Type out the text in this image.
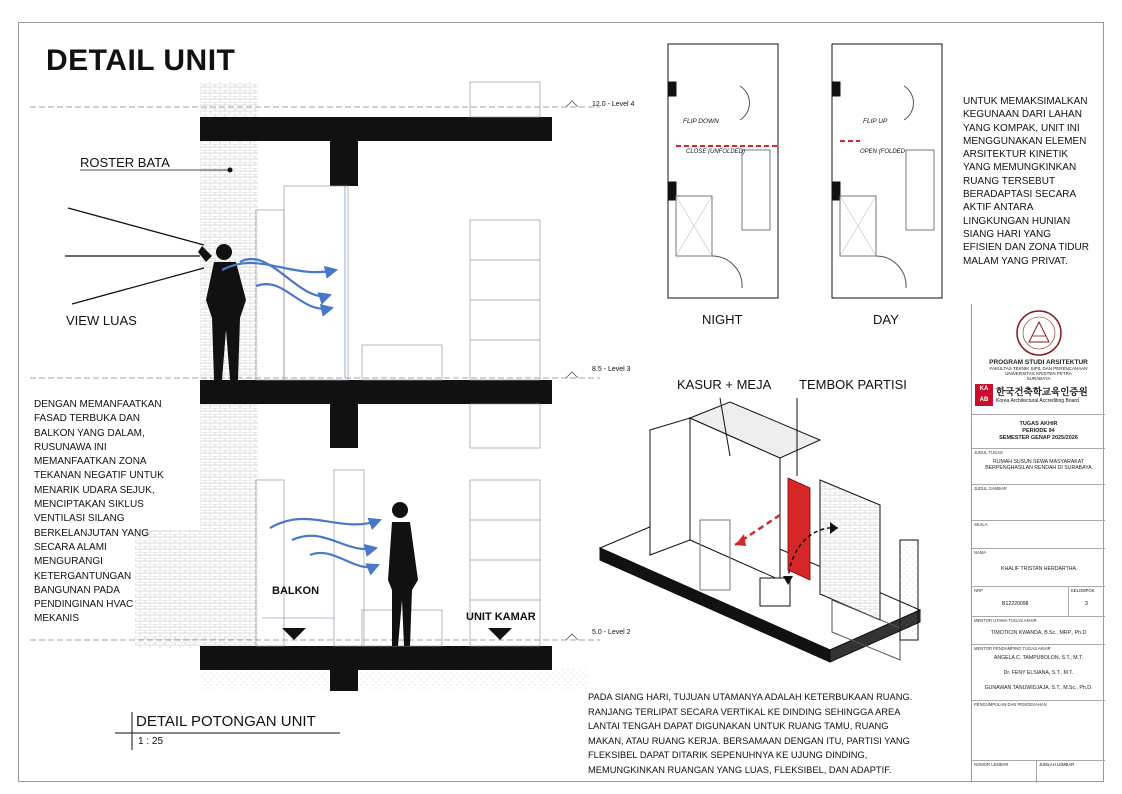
DETAIL UNIT
ROSTER BATA
VIEW LUAS
12.0 - Level 4
8.5 - Level 3
5.0 - Level 2
BALKON
UNIT KAMAR
DENGAN MEMANFAATKAN
FASAD TERBUKA DAN
BALKON YANG DALAM,
RUSUNAWA INI
MEMANFAATKAN ZONA
TEKANAN NEGATIF UNTUK
MENARIK UDARA SEJUK,
MENCIPTAKAN SIKLUS
VENTILASI SILANG
BERKELANJUTAN YANG
SECARA ALAMI
MENGURANGI
KETERGANTUNGAN
BANGUNAN PADA
PENDINGINAN HVAC
MEKANIS
DETAIL POTONGAN UNIT
1 : 25
NIGHT	DAY
FLIP DOWN	FLIP UP
CLOSE (UNFOLDED)	OPEN (FOLDED
UNTUK MEMAKSIMALKAN
KEGUNAAN DARI LAHAN
YANG KOMPAK, UNIT INI
MENGGUNAKAN ELEMEN
ARSITEKTUR KINETIK
YANG MEMUNGKINKAN
RUANG TERSEBUT
BERADAPTASI SECARA
AKTIF ANTARA
LINGKUNGAN HUNIAN
SIANG HARI YANG
EFISIEN DAN ZONA TIDUR
MALAM YANG PRIVAT.
KASUR + MEJA TEMBOK PARTISI
PADA SIANG HARI, TUJUAN UTAMANYA ADALAH KETERBUKAAN RUANG.
RANJANG TERLIPAT SECARA VERTIKAL KE DINDING SEHINGGA AREA
LANTAI TENGAH DAPAT DIGUNAKAN UNTUK RUANG TAMU, RUANG
MAKAN, ATAU RUANG KERJA. BERSAMAAN DENGAN ITU, PARTISI YANG
FLEKSIBEL DAPAT DITARIK SEPENUHNYA KE UJUNG DINDING,
MEMUNGKINKAN RUANGAN YANG LUAS, FLEKSIBEL, DAN ADAPTIF.
PROGRAM STUDI ARSITEKTUR
FAKULTAS TEKNIK SIPIL DAN PERENCANAAN
UNIVERSITAS KRISTEN PETRA
SURABAYA
KA
AB
한국건축학교육인증원
Korea Architectural Accrediting Board
TUGAS AKHIR
PERIODE 94
SEMESTER GENAP 2025/2026
JUDUL TUGAS
RUMAH SUSUN SEWA MASYARAKAT
BERPENGHASILAN RENDAH DI SURABAYA
JUDUL GAMBAR
SKALA
NAMA
KHALIF TRISTAN HERDARTHA
NRP
B12220098
KELOMPOK
3
MENTOR UTAMA TUGAS AKHIR
TIMOTICIN KWANDA, B.Sc., MRP., Ph.D
MENTOR PENDAMPING TUGAS AKHIR
ANGELA C. TAMPUBOLON, S.T., M.T.
Dr. FENY ELSIANA, S.T., M.T.
GUNAWAN TANUWIDJAJA, S.T., M.Sc., Ph.D.
PENGUMPULAN DAN PENGESAHAN
NOMOR LEMBAR	JUMLAH LEMBAR
